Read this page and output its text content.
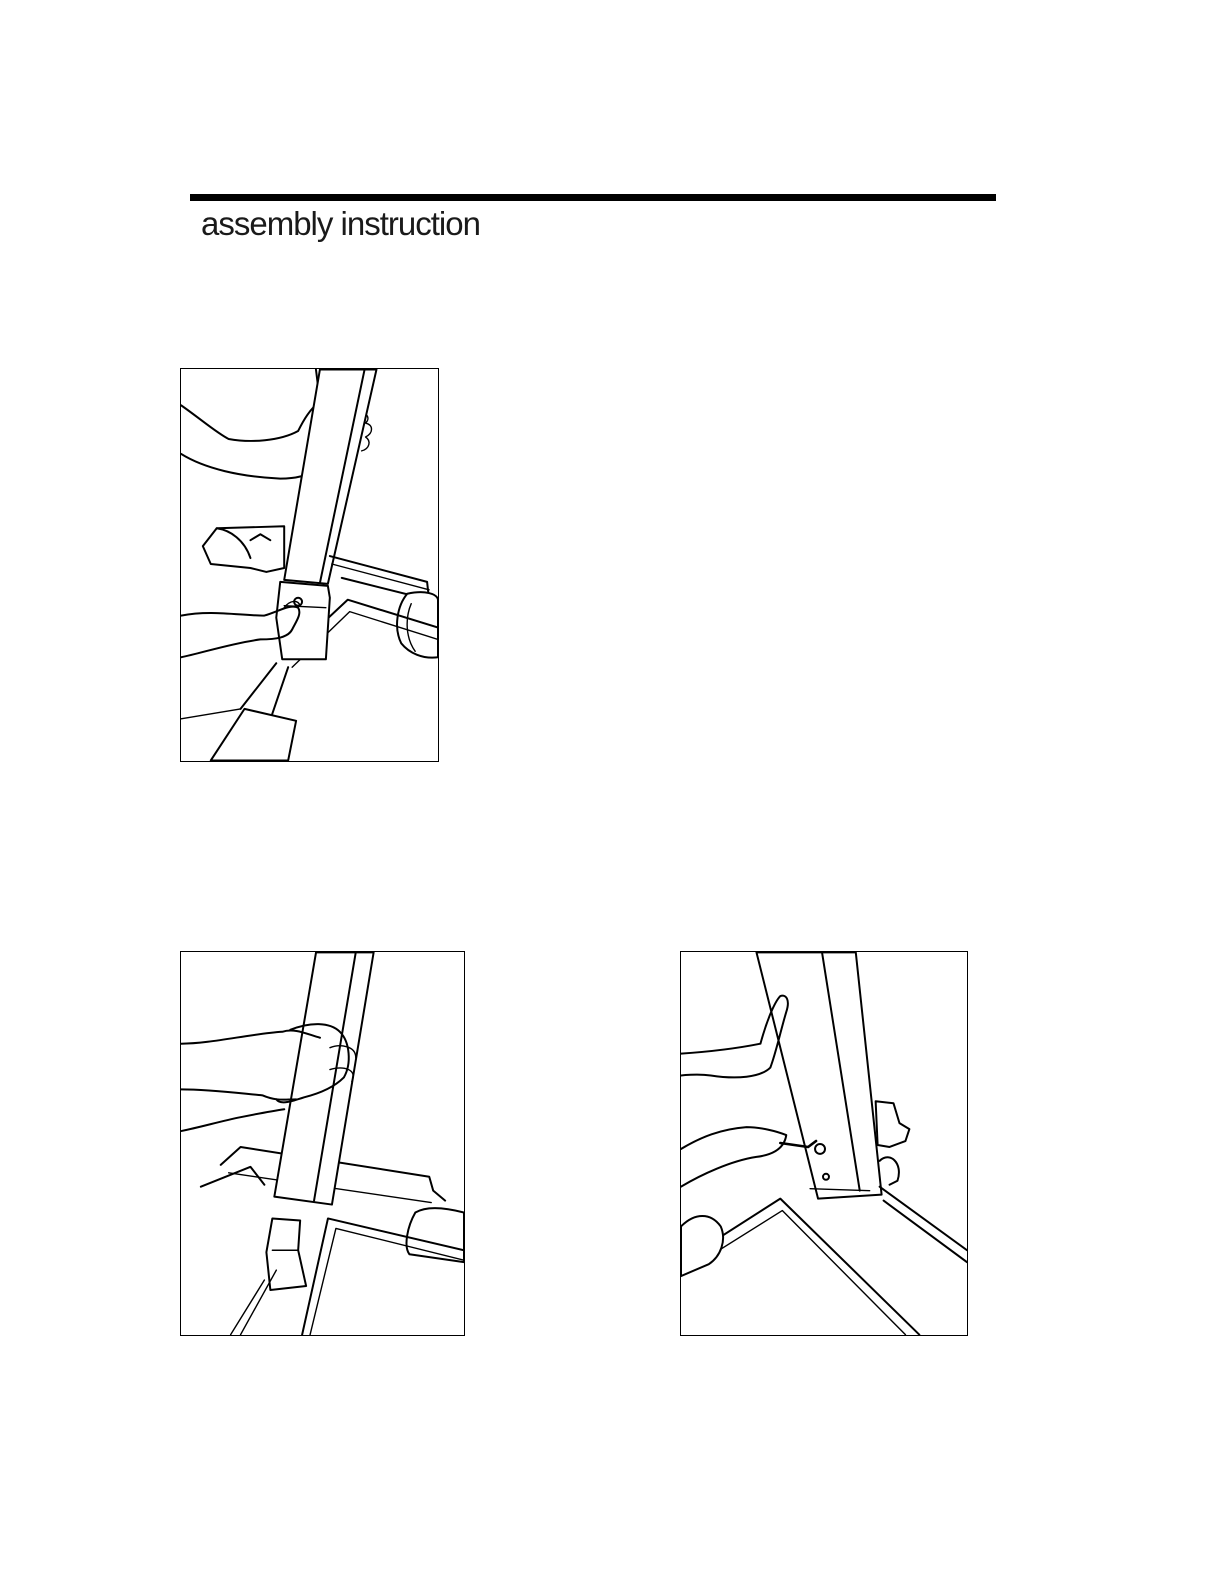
assembly instruction
